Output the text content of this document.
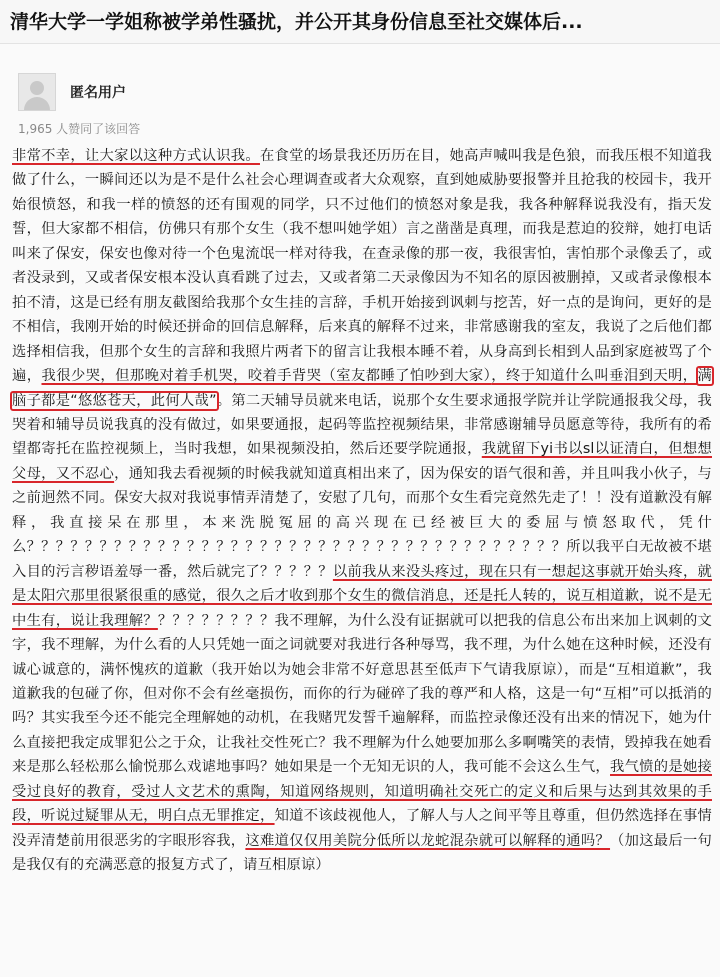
清华大学一学姐称被学弟性骚扰，并公开其身份信息至社交媒体后...
匿名用户
1,965 人赞同了该回答

非常不幸，让大家以这种方式认识我。在食堂的场景我还历历在目，她高声喊叫我是色狼，而我压根不知道我做了什么，一瞬间还以为是不是什么社会心理调查或者大众观察，直到她威胁要报警并且抢我的校园卡，我开始很愤怒，和我一样的愤怒的还有围观的同学，只不过他们的愤怒对象是我，我各种解释说我没有，指天发誓，但大家都不相信，仿佛只有那个女生（我不想叫她学姐）言之凿凿是真理，而我是惹迫的狡辩，她打电话叫来了保安，保安也像对待一个色鬼流氓一样对待我，在查录像的那一夜，我很害怕，害怕那个录像丢了，或者没录到，又或者保安根本没认真看跳了过去，又或者第二天录像因为不知名的原因被删掉，又或者录像根本拍不清，这是已经有朋友截图给我那个女生挂的言辞，手机开始接到讽刺与挖苦，好一点的是询问，更好的是不相信，我刚开始的时候还拼命的回信息解释，后来真的解释不过来，非常感谢我的室友，我说了之后他们都选择相信我，但那个女生的言辞和我照片两者下的留言让我根本睡不着，从身高到长相到人品到家庭被骂了个遍，我很少哭，但那晚对着手机哭，咬着手背哭（室友都睡了怕吵到大家），终于知道什么叫垂泪到天明，满脑子都是“悠悠苍天，此何人哉”。第二天辅导员就来电话，说那个女生要求通报学院并让学院通报我父母，我哭着和辅导员说我真的没有做过，如果要通报，起码等监控视频结果，非常感谢辅导员愿意等待，我所有的希望都寄托在监控视频上，当时我想，如果视频没拍，然后还要学院通报，我就留下yi书以sl以证清白，但想想父母，又不忍心，通知我去看视频的时候我就知道真相出来了，因为保安的语气很和善，并且叫我小伙子，与之前迥然不同。保安大叔对我说事情弄清楚了，安慰了几句，而那个女生看完竟然先走了！！没有道歉没有解释，我直接呆在那里，本来洗脱冤屈的高兴现在已经被巨大的委屈与愤怒取代，凭什么？？？？？？？？？？？？？？？？？？？？？？？？？？？？？？？？？？？？？所以我平白无故被不堪入目的污言秽语羞辱一番，然后就完了？？？？？以前我从来没头疼过，现在只有一想起这事就开始头疼，就是太阳穴那里很紧很重的感觉，很久之后才收到那个女生的微信消息，还是托人转的，说互相道歉，说不是无中生有，说让我理解？？？？？？？？？我不理解，为什么没有证据就可以把我的信息公布出来加上讽刺的文字，我不理解，为什么看的人只凭她一面之词就要对我进行各种辱骂，我不理，为什么她在这种时候，还没有诚心诚意的，满怀愧疚的道歉（我开始以为她会非常不好意思甚至低声下气请我原谅），而是“互相道歉”，我道歉我的包碰了你，但对你不会有丝毫损伤，而你的行为碰碎了我的尊严和人格，这是一句“互相”可以抵消的吗？其实我至今还不能完全理解她的动机，在我赌咒发誓千遍解释，而监控录像还没有出来的情况下，她为什么直接把我定成罪犯公之于众，让我社交性死亡？我不理解为什么她要加那么多啊嘴笑的表情，毁掉我在她看来是那么轻松那么愉悦那么戏谑地事吗？她如果是一个无知无识的人，我可能不会这么生气，我气愤的是她接受过良好的教育，受过人文艺术的熏陶，知道网络规则，知道明确社交死亡的定义和后果与达到其效果的手段，听说过疑罪从无，明白点无罪推定，知道不该歧视他人，了解人与人之间平等且尊重，但仍然选择在事情没弄清楚前用很恶劣的字眼形容我，这难道仅仅用美院分低所以龙蛇混杂就可以解释的通吗？（加这最后一句是我仅有的充满恶意的报复方式了，请互相原谅）
